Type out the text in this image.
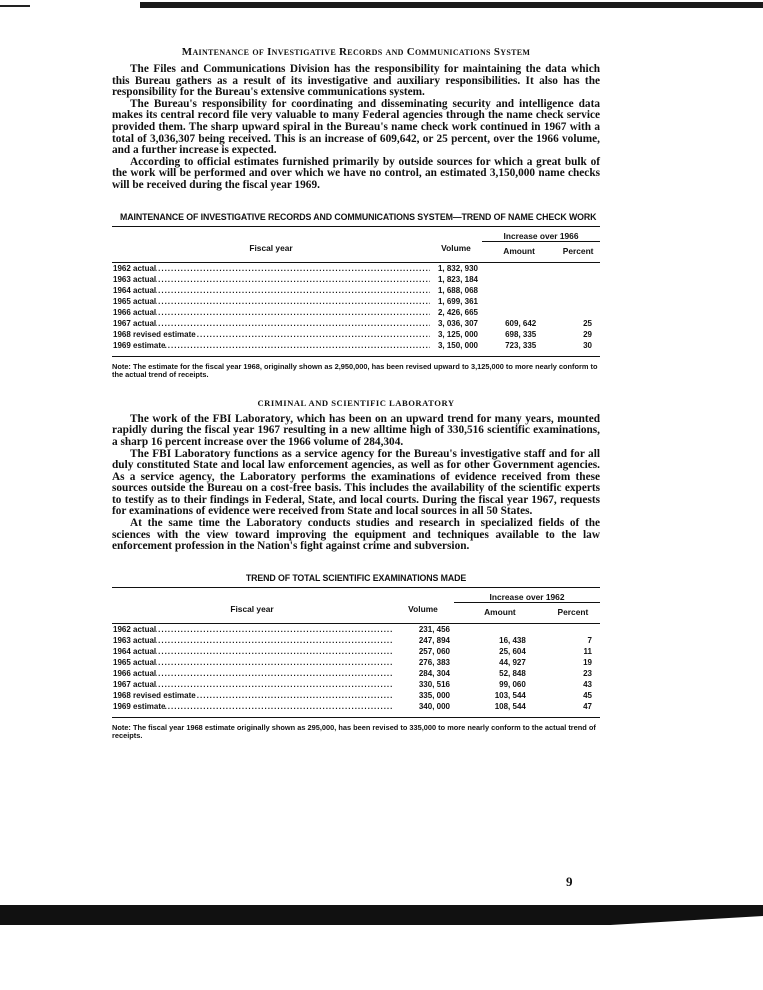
Maintenance of Investigative Records and Communications System

The Files and Communications Division has the responsibility for maintaining the data which this Bureau gathers as a result of its investigative and auxiliary responsibilities. It also has the responsibility for the Bureau's extensive communications system.

The Bureau's responsibility for coordinating and disseminating security and intelligence data makes its central record file very valuable to many Federal agencies through the name check service provided them. The sharp upward spiral in the Bureau's name check work continued in 1967 with a total of 3,036,307 being received. This is an increase of 609,642, or 25 percent, over the 1966 volume, and a further increase is expected.

According to official estimates furnished primarily by outside sources for which a great bulk of the work will be performed and over which we have no control, an estimated 3,150,000 name checks will be received during the fiscal year 1969.

MAINTENANCE OF INVESTIGATIVE RECORDS AND COMMUNICATIONS SYSTEM—TREND OF NAME CHECK WORK
Fiscal year	Volume	Increase over 1966	
		Amount	Percent

1962 actual .....	1, 832, 930		

1963 actual .....	1, 823, 184		

1964 actual .....	1, 688, 068		

1965 actual .....	1, 699, 361		

1966 actual .....	2, 426, 665		

1967 actual .....	3, 036, 307	609, 642	25

1968 revised estimate .....	3, 125, 000	698, 335	29

1969 estimate .....	3, 150, 000	723, 335	30

Note: The estimate for the fiscal year 1968, originally shown as 2,950,000, has been revised upward to 3,125,000 to more nearly conform to the actual trend of receipts.
CRIMINAL AND SCIENTIFIC LABORATORY

The work of the FBI Laboratory, which has been on an upward trend for many years, mounted rapidly during the fiscal year 1967 resulting in a new alltime high of 330,516 scientific examinations, a sharp 16 percent increase over the 1966 volume of 284,304.

The FBI Laboratory functions as a service agency for the Bureau's investigative staff and for all duly constituted State and local law enforcement agencies, as well as for other Government agencies. As a service agency, the Laboratory performs the examinations of evidence received from these sources outside the Bureau on a cost-free basis. This includes the availability of the scientific experts to testify as to their findings in Federal, State, and local courts. During the fiscal year 1967, requests for examinations of evidence were received from State and local sources in all 50 States.

At the same time the Laboratory conducts studies and research in specialized fields of the sciences with the view toward improving the equipment and techniques available to the law enforcement profession in the Nation's fight against crime and subversion.

TREND OF TOTAL SCIENTIFIC EXAMINATIONS MADE
Fiscal year	Volume	Increase over 1962	
		Amount	Percent

1962 actual .....	231, 456		

1963 actual .....	247, 894	16, 438	7

1964 actual .....	257, 060	25, 604	11

1965 actual .....	276, 383	44, 927	19

1966 actual .....	284, 304	52, 848	23

1967 actual .....	330, 516	99, 060	43

1968 revised estimate .....	335, 000	103, 544	45

1969 estimate .....	340, 000	108, 544	47

Note: The fiscal year 1968 estimate originally shown as 295,000, has been revised to 335,000 to more nearly conform to the actual trend of receipts.
9
